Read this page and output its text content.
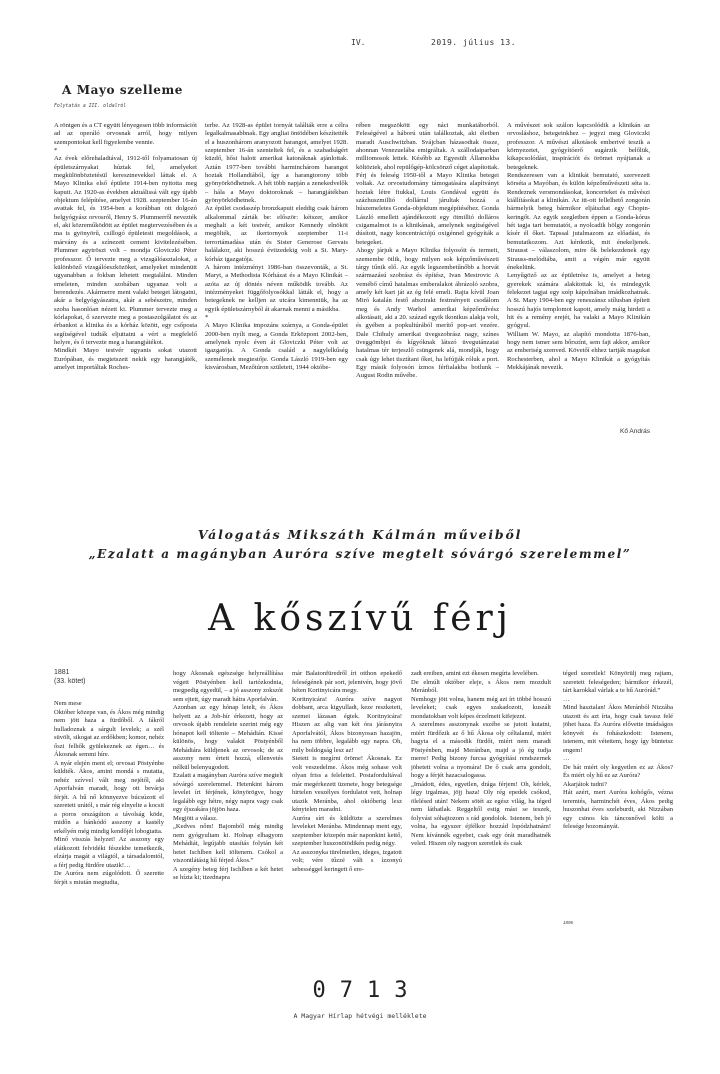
IV.	2019. július 13.
A Mayo szelleme
Folytatás a III. oldalról
A röntgen és a CT együtt lényegesen több információt ad az operáló orvosnak arról, hogy milyen szempontokat kell figyelembe vennie.
*
Az évek előrehaladtával, 1912-től folyamatosan új épületszárnyakat húztak fel, amelyeket megkülönböztetésül keresztnevekkel láttak el. A Mayo Klinika első épülete 1914-ben nyitotta meg kapuit. Az 1920-as években aktuálissá vált egy újabb objektum felépítése, amelyet 1928. szeptember 16-án avattak fel, és 1954-ben a korábban ott dolgozó belgyógyász orvosról, Henry S. Plummerről nevezték el, aki közreműködött az épület megtervezésében és a ma is gyönyörű, csillogó épületesti megoldások, a márvány és a színezett cement kivitelezésében. Plummer agytröszt volt – mondja Gloviczki Péter professzor. Ő tervezte meg a vizsgálóasztalokat, a különböző vizsgálóeszközöket, amelyeket mindenütt ugyanabban a fokban lehetett megtalálni. Minden emeleten, minden szobában ugyanaz volt a berendezés. Akármerre ment valaki beteget látogatni, akár a belgyógyászatra, akár a sebészetre, minden szoba hasonlóan nézett ki. Plummer tervezte meg a kórlapokat, ő szervezte meg a postaszolgálatot és az érbankot a klinika és a kórház között, egy csőposta segítségével tudták eljuttatni a vért a megfelelő helyre, és ő tervezte meg a harangjátékot.
Mindkét Mayo testvér ugyanis sokat utazott Európában, és megtetszett nekik egy harangjáték, amelyet importáltak Roches-
terbe. Az 1928-as épület tornyát találták erre a célra legalkalmasabbnak. Egy angliai öntödében készítették el a huszonhárom aranyozott harangot, amelyet 1928. szeptember 16-án szenteltek fel, és a szabadságért küzdő, hősi halott amerikai katonáknak ajánlottak. Aztán 1977-ben további harminchárom harangot hoztak Hollandiából, így a harangtorony több gyönyörködhetnek. A hét több napján a zenekedvelők – hála a Mayo doktoroknak – harangjátékban gyönyörködhetnek.
Az épület csodaszép bronzkapuit eleddig csak három alkalommal zárták be: először: kétszer, amikor meghalt a két testvér, amikor Kennedy elnököt megölték, az ikertornyok szeptember 11-i terrortámadása után és Sister Generose Gervais halálakor, aki hosszú évtizedekig volt a St. Mary-kórház igazgatója.
A három intézményt 1986-ban összevonták, a St. Maryt, a Methodista Kórházat és a Mayo Klinikát – azóta az új döntés néven működik tovább. Az intézményeket függőfolyosókkal látták el, hogy a betegeknek ne kelljen az utcára kimenniük, ha az egyik épületszárnyból át akarnak menni a másikba.
*
A Mayo Klinika impozáns szárnya, a Gonda-épület 2000-ben nyílt meg, a Gonda Erközpont 2002-ben, amelynek nyolc éven át Gloviczki Péter volt az igazgatója. A Gonda család a nagylelkűség személenek megtestője. Gonda László 1919-ben egy kisvárosban, Mezőtúron született, 1944 októbe-
rében megszökött egy náci munkatáborból. Feleségével a háború után találkoztak, aki életben maradt Auschwitzban. Svájcban házasodtak össze, ahonnan Venezuelába emigráltak. A szállodaiparban milliomosok lettek. Később az Egyesült Államokba költöztek, ahol repülőgép-kölcsönző céget alapítottak. Férj és feleség 1950-től a Mayo Klinika betegei voltak. Az orvostudomány támogatására alapítványt hoztak létre fiukkal, Louis Gondával együtt és százhuszmillió dollárral járultak hozzá a húszemeletes Gonda-objektum megépítéséhez. Gonda László emellett ajándékozott egy ötmillió dolláros csigamalmot is a klinikának, amelynek segítségével dúsított, nagy koncentrációjú oxigénnel gyógyíták a betegeket.
Ahogy járjuk a Mayo Klinika folyosóit és termeit, szemembe ötlik, hogy milyen sok képzőművészeti tárgy tűnik elő. Az egyik legszembetűnőbb a horvát származású szobrász és építész, Ivan Mestrovic A vemébő című hatalmas emberalakot ábrázoló szobra, amely két kart ját az ég felé emeli. Rajta kívül Joan Miró katalán festő absztrakt festményeit csodálom meg és Andy Warhol amerikai képzőművész alkotásait, aki a 20. század egyik ikonikus alakja volt, és gyében a popkultúrából merítő pop-art vezére. Dale Chihuly amerikai üvegszobrász nagy, színes üveggömbjei és kígyóknak látszó üvegutánzatai hatalmas tér terjeszlő csüngenek alá, mondják, hogy csak úgy lehet tisztítani őket, ha lefújják róluk a port. Egy másik folyosón ízmos férfialakba botlunk – August Rodin művébe.
A művészet sok szálon kapcsolódik a klinikán az orvosláshoz, betegeinkhez – jegyzi meg Gloviczki professzor. A művészi alkotások emberivé teszik a környezetet, gyógyítóerő sugárzik belőlük, kikapcsolódást, inspirációt és örömet nyújtanak a betegeknek.
Rendszeresen van a klinikát bemutató, szervezett körséta a Mayóban, és külön képzőművészeti séta is. Rendeznek versmondásokat, koncerteket és művészi kiállításokat a klinikán. Az itt-ott fellelhető zongorán bármelyik beteg bármikor eljátszhat egy Chopin-keringőt. Az egyik szegletben éppen a Gonda-kórus hét tagja tart bemutatót, a nyolcadik hölgy zongorán kísér él őket. Tapssal jutalmazom az előadást, és bemutatkozom. Azt kérdezik, mit énekeljenek. Strausst – válaszolom, mire ők belekezdenek egy Strauss-melódiába, amit a végén már együtt énekelünk.
Lenyűgöző az az épületrész is, amelyet a beteg gyerekek számára alakítottak ki, és mindegyik felekezet tagjai egy szép kápolnában imádkozhatnak. A St. Mary 1904-ben egy reneszánsz stílusban épített hosszú hajós templomot kapott, amely máig hirdeti a hit és a remény erejét, ha valaki a Mayo Klinikán gyógyul.
William W. Mayo, az alapító mondotta 1876-ban, hogy nem ismer sem bőrszínt, sem fajt akkor, amikor az emberiség szenved. Követőí ehhez tartják magukat Rochesterben, ahol a Mayo Klinikát a gyógyítás Mekkájának nevezik.
Kő András
Válogatás Mikszáth Kálmán műveiből
„Ezalatt a magányban Auróra szíve megtelt sóvárgó szerelemmel”
A kőszívű férj
1881
(33. kötet)
Nem mese
Október közepe van, és Ákos még mindig nem jött haza a fürdőből. A fákról hulladoznak a sárgult levelek; a szél süvölt, sikogat az erdőkben; komor, nehéz őszi felhők gyülekeznek az égen… és Ákosnak semmi híre.
A nyár elején ment el; orvosai Pöstyénbe küldték. Ákos, amint mondá s mutatta, nehéz szívvel vált meg nejétől, aki Aporfalván maradt, hogy ott bevárja férjét. A hű nő könnyezve búcsúzott el szeretett urától, s már rég elnyelte a kocsit a poros országúton a távolság köde, midőn a bánkódó asszony a kastély erkélyén még mindig kendőjét lobogtatta.
Minő visszás helyzet! Az asszony egy elátkozott felvidéki fészekbe temetkezik, elzárja magát a világtól, a társadalomtól, a férj pedig fürdőre utazik!…
De Auróra nem zúgolódott. Ő szerette férjét s miután megtudta,
hogy Ákosnak egészsége helyreállítása végett Pöstyénben kell tartózkodnia, megpedig egyedül, – a jó asszony zokszót sem ejtett, úgy maradt hátra Aporfalván.
Azonban az egy hónap letelt, és Ákos helyett az a Job-hír érkezett, hogy az orvosok újabb rendelete szerint még egy hónapot kell töltenie – Mehádián. Kissé különös, hogy valakit Pöstyénből Mehádiára küldjenek az orvosok; de az asszony nem értett hozzá, ellenvetés nélkül belenyugodott.
Ezalatt a magányban Auróra szíve megtelt sóvárgó szerelemmel. Hetenkint három levelet írt férjének, könyörögve, hogy legalább egy hétre, négy napra vagy csak egy éjszakára jöjjön haza.
Megjött a válasz.
„Kedves nőm! Bajomból még mindig nem gyógyultam ki. Holnap elhagyom Mehádiát, legújabb utasítás folytán két hetet Ischlben kell töltenem. Csókol a viszontlátásig hű férjed Ákos.”
A szegény beteg férj Ischlben a két hetet se hízta ki; tizednapra
már Balatonfüredről írt otthon epekedő feleségének pár sort, jelentvén, hogy jövő héten Koritnyicára megy.
Koritnyicára! Auróra szíve nagyot dobbant, arca kigyulladt, keze reszketett, szemei lázasan égtek. Koritnyicára! Hiszen az alig van két óra járásnyira Aporfalvától, Ákos bizonyosan hazajön, ha nem többre, legalább egy napra. Oh, mily boldogság lesz az!
Sietett is megírni öröme! Ákosnak. Ez volt veszedelme. Ákos még sohase volt olyan friss a feleletteI. Postafordultával már megérkezett üzenete, hogy betegsége hirtelen veszélyes fordulatot vett, holnap utazik Meránba, ahol októberig lesz kénytelen maradni.
Auróra sírt és küldözte a szerelmes leveleket Meránba. Mindennap ment egy, szeptember közepén már naponkint kettő, szeptember huszonötödikén pedig négy.
Az asszonyka türelmetlen, ideges, izgatott volt; vére tűzzé vált s ízzonyú sebességgel keringett ő ere-
zadt ereiben, amint ezt ékesen megírta levelében.
De elmúlt október eleje, s Ákos nem mozdult Meránból.
Nemhogy jött volna, hanem még azt írt többé hosszú leveleket; csak egyes szakadozott, kuszált mondatokban volt képes érzelmeit kifejezni.
A szerelmes asszonynak eszébe se jutott kutatni, miért fürdőzik az ő hű Ákosa oly céltalanul, miért hagyta el a második fürdőt, miért nem maradt Pöstyénben, majd Meránban, majd a jó ég tudja merre! Pedig bizony furcsa gyógyítási rendszernek jöhetett volna a nyomára! De ő csak arra gondolt, hogy a férjét hazacsalogassa.
„Imádott, édes, egyetlen, drága férjem! Oh, kérlek, légy irgalmas, jöjj haza! Oly rég epedek csókod, ölelésed után! Nekem sötét az egész világ, ha téged nem láthatlak. Reggeltől estig mást se teszek, folyvást sóhajtozom s rád gondolok. Istenem, beh jó volna, ha egyszer éjfélkor hozzád lopódzhatnám! Nem kívánnék egyebet, csak egy órát maradhatnék veled. Hiszen oly nagyon szeretlek és csak
téged szeretlek! Könyörülj meg rajtam, szeretett feleségeden; bármikor érkezél, tárt karokkal várlak a te hű Aurórád.”
…
Mind hasztalan! Ákos Meránból Nizzába utazott és azt írta, hogy csak tavasz felé jöhet haza. És Auróra elővette imádságos könyvét és fohászkodott: Istenem, istenem, mit vétettem, hogy így büntetsz engem!
…
De hát miért oly kegyetlen ez az Ákos? És miért oly hű ez az Auróra?
Akarjátok tudni?
Hát azért, mert Auróra kohógős, vézna teremtés, harminchét éves, Ákos pedig huszonhat éves szeleburdi, aki Nizzában egy csinos kis táncosnővel költi a felesége hozományát.
1896
0713
A Magyar Hírlap hétvégi melléklete
